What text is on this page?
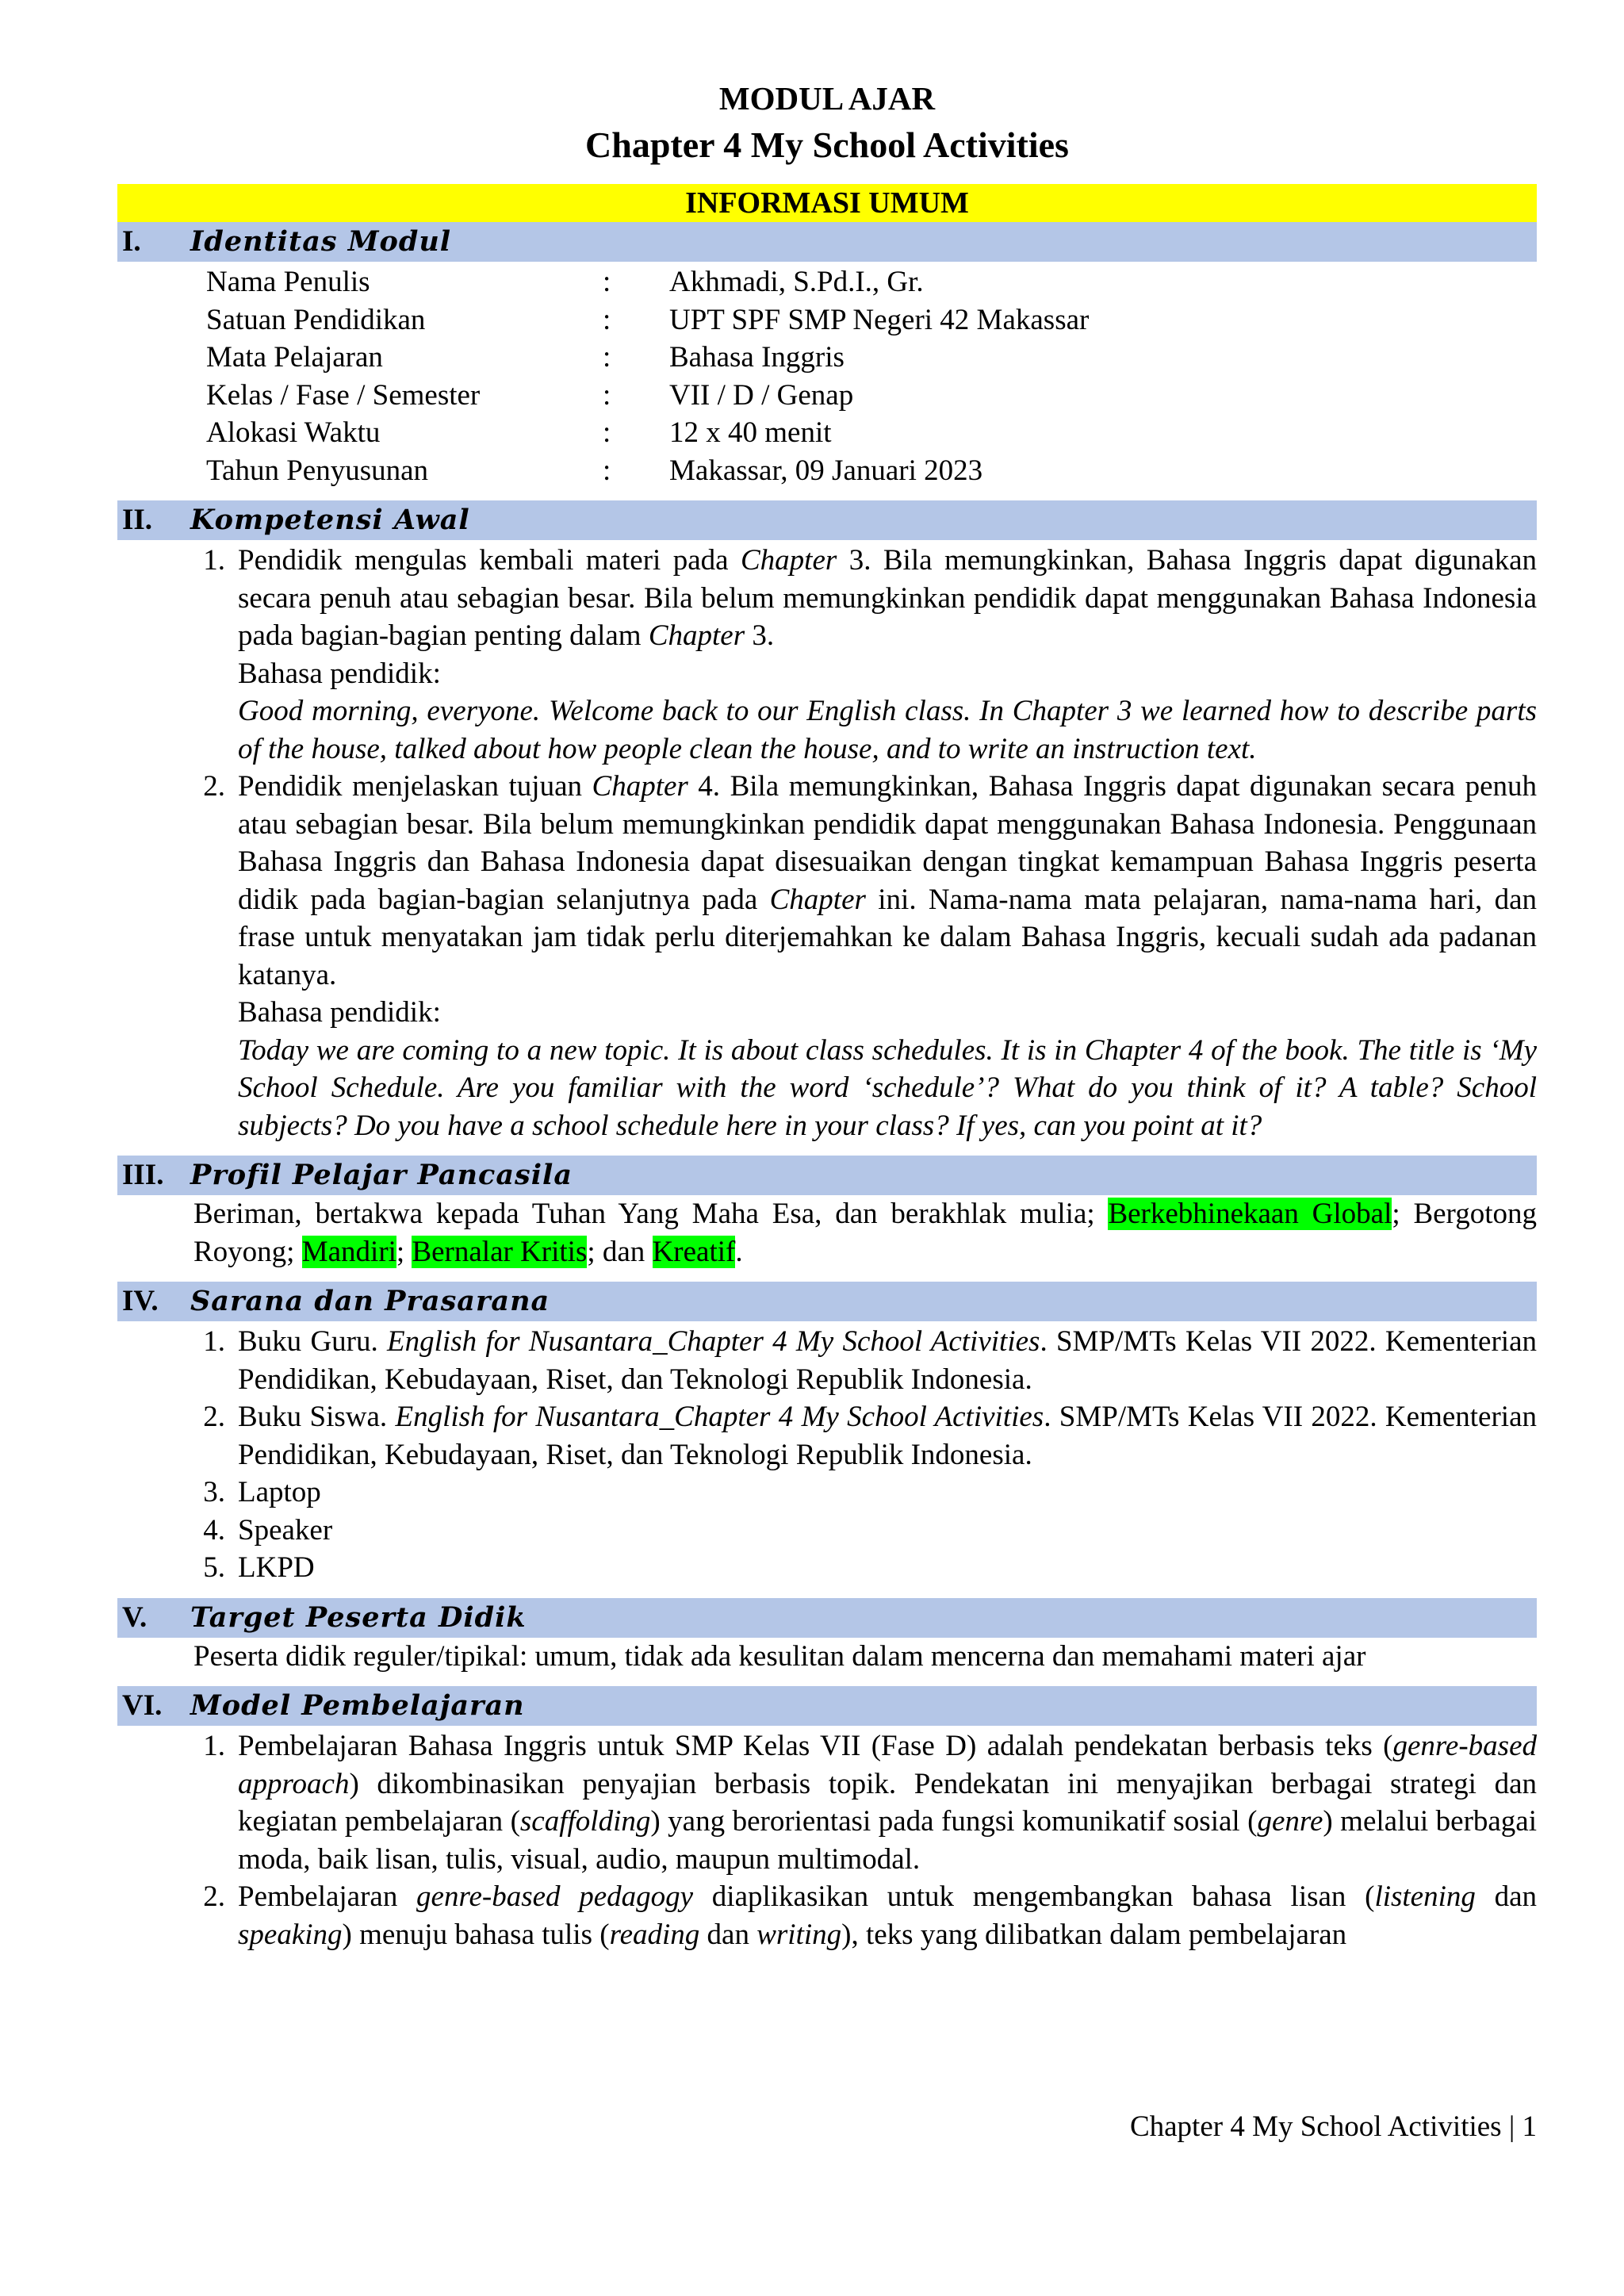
MODUL AJAR
Chapter 4 My School Activities
INFORMASI UMUM
I.	Identitas Modul
Nama Penulis	:	Akhmadi, S.Pd.I., Gr.
Satuan Pendidikan	:	UPT SPF SMP Negeri 42 Makassar
Mata Pelajaran	:	Bahasa Inggris
Kelas / Fase / Semester	:	VII / D / Genap
Alokasi Waktu	:	12 x 40 menit
Tahun Penyusunan	:	Makassar, 09 Januari 2023
II.	Kompetensi Awal
1. Pendidik mengulas kembali materi pada Chapter 3. Bila memungkinkan, Bahasa Inggris dapat digunakan secara penuh atau sebagian besar. Bila belum memungkinkan pendidik dapat menggunakan Bahasa Indonesia pada bagian-bagian penting dalam Chapter 3.

Bahasa pendidik:

Good morning, everyone. Welcome back to our English class. In Chapter 3 we learned how to describe parts of the house, talked about how people clean the house, and to write an instruction text.

2. Pendidik menjelaskan tujuan Chapter 4. Bila memungkinkan, Bahasa Inggris dapat digunakan secara penuh atau sebagian besar. Bila belum memungkinkan pendidik dapat menggunakan Bahasa Indonesia. Penggunaan Bahasa Inggris dan Bahasa Indonesia dapat disesuaikan dengan tingkat kemampuan Bahasa Inggris peserta didik pada bagian-bagian selanjutnya pada Chapter ini. Nama-nama mata pelajaran, nama-nama hari, dan frase untuk menyatakan jam tidak perlu diterjemahkan ke dalam Bahasa Inggris, kecuali sudah ada padanan katanya.

Bahasa pendidik:

Today we are coming to a new topic. It is about class schedules. It is in Chapter 4 of the book. The title is ‘My School Schedule. Are you familiar with the word ‘schedule’? What do you think of it? A table? School subjects? Do you have a school schedule here in your class? If yes, can you point at it?

III. Profil Pelajar Pancasila
Beriman, bertakwa kepada Tuhan Yang Maha Esa, dan berakhlak mulia; Berkebhinekaan Global; Bergotong Royong; Mandiri; Bernalar Kritis; dan Kreatif.
IV.	Sarana dan Prasarana
1. Buku Guru. English for Nusantara_Chapter 4 My School Activities. SMP/MTs Kelas VII 2022. Kementerian Pendidikan, Kebudayaan, Riset, dan Teknologi Republik Indonesia.
2. Buku Siswa. English for Nusantara_Chapter 4 My School Activities. SMP/MTs Kelas VII 2022. Kementerian Pendidikan, Kebudayaan, Riset, dan Teknologi Republik Indonesia.
3. Laptop
4. Speaker
5. LKPD
V.	Target Peserta Didik
Peserta didik reguler/tipikal: umum, tidak ada kesulitan dalam mencerna dan memahami materi ajar
VI.	Model Pembelajaran
1. Pembelajaran Bahasa Inggris untuk SMP Kelas VII (Fase D) adalah pendekatan berbasis teks (genre-based approach) dikombinasikan penyajian berbasis topik. Pendekatan ini menyajikan berbagai strategi dan kegiatan pembelajaran (scaffolding) yang berorientasi pada fungsi komunikatif sosial (genre) melalui berbagai moda, baik lisan, tulis, visual, audio, maupun multimodal.
2. Pembelajaran genre-based pedagogy diaplikasikan untuk mengembangkan bahasa lisan (listening dan speaking) menuju bahasa tulis (reading dan writing), teks yang dilibatkan dalam pembelajaran
Chapter 4 My School Activities | 1
